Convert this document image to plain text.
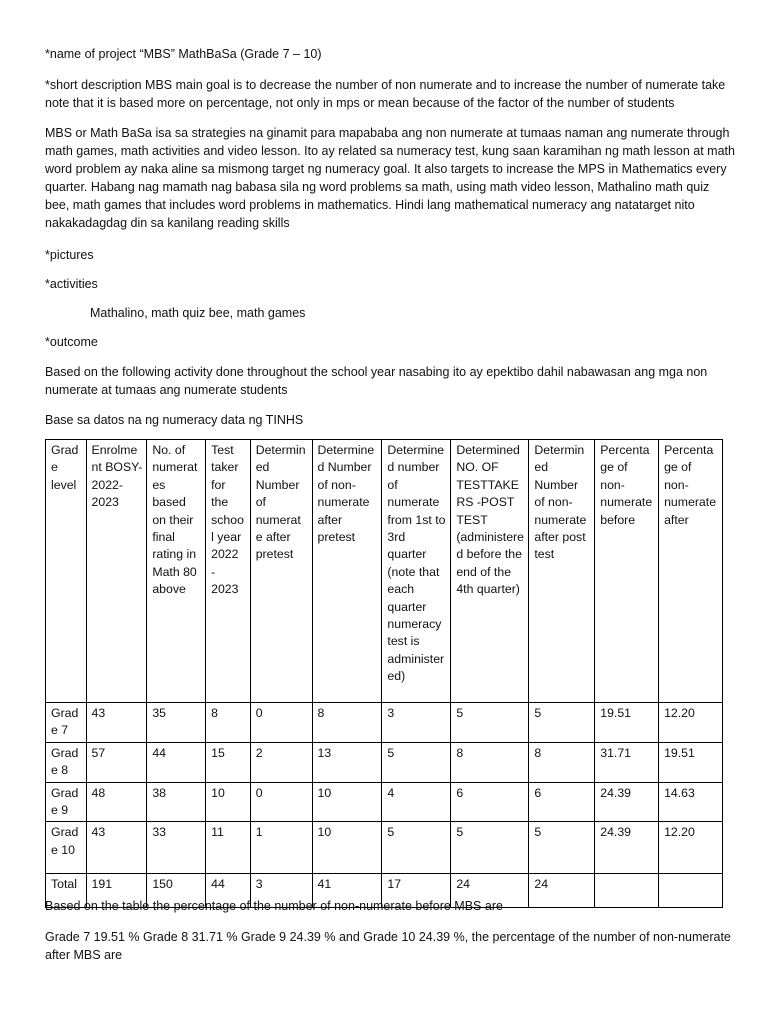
*name of project “MBS” MathBaSa (Grade 7 – 10)

*short description MBS main goal is to decrease the number of non numerate and to increase the number of numerate take note that it is based more on percentage, not only in mps or mean because of the factor of the number of students

MBS or Math BaSa isa sa strategies na ginamit para mapababa ang non numerate at tumaas naman ang numerate through math games, math activities and video lesson. Ito ay related sa numeracy test, kung saan karamihan ng math lesson at math word problem ay naka aline sa mismong target ng numeracy goal. It also targets to increase the MPS in Mathematics every quarter. Habang nag mamath nag babasa sila ng word problems sa math, using math video lesson, Mathalino math quiz bee, math games that includes word problems in mathematics. Hindi lang mathematical numeracy ang natatarget nito nakakadagdag din sa kanilang reading skills

*pictures

*activities

Mathalino, math quiz bee, math games

*outcome

Based on the following activity done throughout the school year nasabing ito ay epektibo dahil nabawasan ang mga non numerate at tumaas ang numerate students

Base sa datos na ng numeracy data ng TINHS

Grade level	Enrolment BOSY- 2022- 2023	No. of numerates based on their final rating in Math 80 above	Test taker for the school year 2022 - 2023	Determined Number of numerate after pretest	Determined Number of non-numerate after pretest	Determined number of numerate from 1st to 3rd quarter (note that each quarter numeracy test is administered)	Determined NO. OF TESTTAKERS -POST TEST (administered before the end of the 4th quarter)	Determined Number of non-numerate after post test	Percentage of non-numerate before	Percentage of non-numerate after
Grade 7	43	35	8	0	8	3	5	5	19.51	12.20
Grade 8	57	44	15	2	13	5	8	8	31.71	19.51
Grade 9	48	38	10	0	10	4	6	6	24.39	14.63
Grade 10	43	33	11	1	10	5	5	5	24.39	12.20
Total	191	150	44	3	41	17	24	24		

Based on the table the percentage of the number of non-numerate before MBS are

Grade 7 19.51 % Grade 8 31.71 % Grade 9 24.39 % and Grade 10 24.39 %, the percentage of the number of non-numerate after MBS are
